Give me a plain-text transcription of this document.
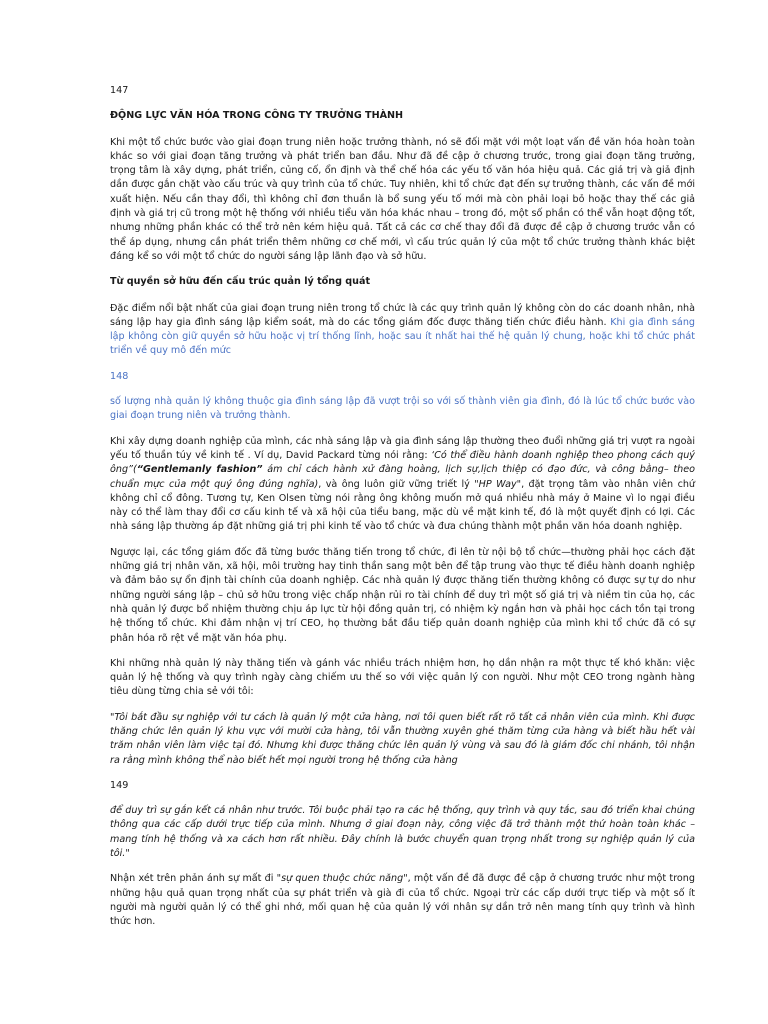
147

ĐỘNG LỰC VĂN HÓA TRONG CÔNG TY TRƯỞNG THÀNH

Khi một tổ chức bước vào giai đoạn trung niên hoặc trưởng thành, nó sẽ đối mặt với một loạt vấn đề văn hóa hoàn toàn khác so với giai đoạn tăng trưởng và phát triển ban đầu. Như đã đề cập ở chương trước, trong giai đoạn tăng trưởng, trọng tâm là xây dựng, phát triển, củng cố, ổn định và thể chế hóa các yếu tố văn hóa hiệu quả. Các giá trị và giả định dần được gắn chặt vào cấu trúc và quy trình của tổ chức. Tuy nhiên, khi tổ chức đạt đến sự trưởng thành, các vấn đề mới xuất hiện. Nếu cần thay đổi, thì không chỉ đơn thuần là bổ sung yếu tố mới mà còn phải loại bỏ hoặc thay thế các giả định và giá trị cũ trong một hệ thống với nhiều tiểu văn hóa khác nhau – trong đó, một số phần có thể vẫn hoạt động tốt, nhưng những phần khác có thể trở nên kém hiệu quả. Tất cả các cơ chế thay đổi đã được đề cập ở chương trước vẫn có thể áp dụng, nhưng cần phát triển thêm những cơ chế mới, vì cấu trúc quản lý của một tổ chức trưởng thành khác biệt đáng kể so với một tổ chức do người sáng lập lãnh đạo và sở hữu.

Từ quyền sở hữu đến cấu trúc quản lý tổng quát

Đặc điểm nổi bật nhất của giai đoạn trung niên trong tổ chức là các quy trình quản lý không còn do các doanh nhân, nhà sáng lập hay gia đình sáng lập kiểm soát, mà do các tổng giám đốc được thăng tiến chức điều hành. Khi gia đình sáng lập không còn giữ quyền sở hữu hoặc vị trí thống lĩnh, hoặc sau ít nhất hai thế hệ quản lý chung, hoặc khi tổ chức phát triển về quy mô đến mức

148

số lượng nhà quản lý không thuộc gia đình sáng lập đã vượt trội so với số thành viên gia đình, đó là lúc tổ chức bước vào giai đoạn trung niên và trưởng thành.

Khi xây dựng doanh nghiệp của mình, các nhà sáng lập và gia đình sáng lập thường theo đuổi những giá trị vượt ra ngoài yếu tố thuần túy về kinh tế . Ví dụ, David Packard từng nói rằng: ‘Có thể điều hành doanh nghiệp theo phong cách quý ông”(“Gentlemanly fashion” ám chỉ cách hành xử đàng hoàng, lịch sự,lịch thiệp có đạo đức, và công bằng– theo chuẩn mực của một quý ông đúng nghĩa), và ông luôn giữ vững triết lý "HP Way", đặt trọng tâm vào nhân viên chứ không chỉ cổ đông. Tương tự, Ken Olsen từng nói rằng ông không muốn mở quá nhiều nhà máy ở Maine vì lo ngại điều này có thể làm thay đổi cơ cấu kinh tế và xã hội của tiểu bang, mặc dù về mặt kinh tế, đó là một quyết định có lợi. Các nhà sáng lập thường áp đặt những giá trị phi kinh tế vào tổ chức và đưa chúng thành một phần văn hóa doanh nghiệp.

Ngược lại, các tổng giám đốc đã từng bước thăng tiến trong tổ chức, đi lên từ nội bộ tổ chức—thường phải học cách đặt những giá trị nhân văn, xã hội, môi trường hay tinh thần sang một bên để tập trung vào thực tế điều hành doanh nghiệp và đảm bảo sự ổn định tài chính của doanh nghiệp. Các nhà quản lý được thăng tiến thường không có được sự tự do như những người sáng lập – chủ sở hữu trong việc chấp nhận rủi ro tài chính để duy trì một số giá trị và niềm tin của họ, các nhà quản lý được bổ nhiệm thường chịu áp lực từ hội đồng quản trị, có nhiệm kỳ ngắn hơn và phải học cách tồn tại trong hệ thống tổ chức. Khi đảm nhận vị trí CEO, họ thường bắt đầu tiếp quản doanh nghiệp của mình khi tổ chức đã có sự phân hóa rõ rệt về mặt văn hóa phụ.

Khi những nhà quản lý này thăng tiến và gánh vác nhiều trách nhiệm hơn, họ dần nhận ra một thực tế khó khăn: việc quản lý hệ thống và quy trình ngày càng chiếm ưu thế so với việc quản lý con người. Như một CEO trong ngành hàng tiêu dùng từng chia sẻ với tôi:

"Tôi bắt đầu sự nghiệp với tư cách là quản lý một cửa hàng, nơi tôi quen biết rất rõ tất cả nhân viên của mình. Khi được thăng chức lên quản lý khu vực với mười cửa hàng, tôi vẫn thường xuyên ghé thăm từng cửa hàng và biết hầu hết vài trăm nhân viên làm việc tại đó. Nhưng khi được thăng chức lên quản lý vùng và sau đó là giám đốc chi nhánh, tôi nhận ra rằng mình không thể nào biết hết mọi người trong hệ thống cửa hàng

149

để duy trì sự gắn kết cá nhân như trước. Tôi buộc phải tạo ra các hệ thống, quy trình và quy tắc, sau đó triển khai chúng thông qua các cấp dưới trực tiếp của mình. Nhưng ở giai đoạn này, công việc đã trở thành một thứ hoàn toàn khác – mang tính hệ thống và xa cách hơn rất nhiều. Đây chính là bước chuyển quan trọng nhất trong sự nghiệp quản lý của tôi."

Nhận xét trên phản ánh sự mất đi "sự quen thuộc chức năng", một vấn đề đã được đề cập ở chương trước như một trong những hậu quả quan trọng nhất của sự phát triển và già đi của tổ chức. Ngoại trừ các cấp dưới trực tiếp và một số ít người mà người quản lý có thể ghi nhớ, mối quan hệ của quản lý với nhân sự dần trở nên mang tính quy trình và hình thức hơn.
